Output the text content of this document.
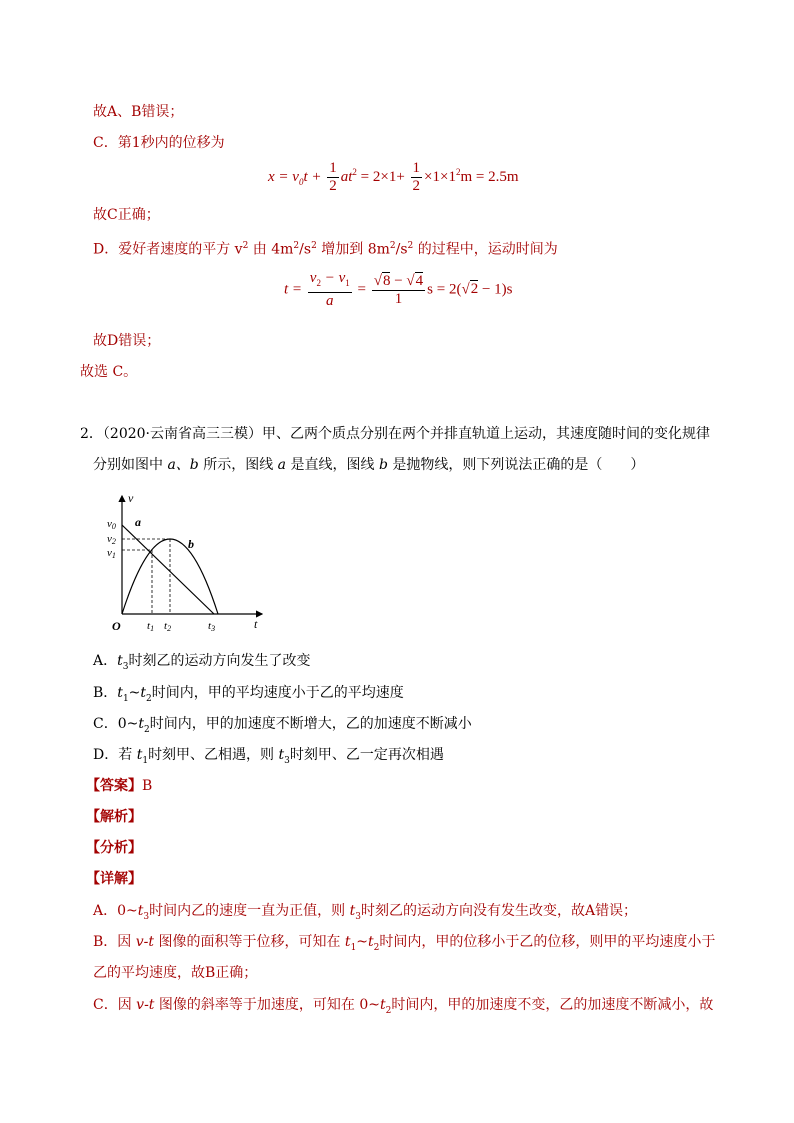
故A、B错误；
C．第1秒内的位移为
$x = v_0t + \frac{1}{2} at^2 = 2\times 1+ \frac{1}{2} \times 1\times 1^2m = 2.5m$
故C正确；
D．爱好者速度的平方 $v^2$ 由 $4m^2/s^2$ 增加到 $8m^2/s^2$ 的过程中，运动时间为
$t = \frac{v_2 - v_1}{a} = \frac{√8 - √4}{1}$ s = 2(√2 − 1)s
故D错误；
故选 C。
2．（2020·云南省高三三模）甲、乙两个质点分别在两个并排直轨道上运动，其速度随时间的变化规律
分别如图中 a、b 所示，图线 a 是直线，图线 b 是抛物线，则下列说法正确的是（　　）
v
t
O
v0
v2
v1
t1 t2	t3
a
b
A．$t_3$时刻乙的运动方向发生了改变
B．$t_1\sim t_2$时间内，甲的平均速度小于乙的平均速度
C．$0\sim t_2$时间内，甲的加速度不断增大，乙的加速度不断减小
D．若 $t_1$时刻甲、乙相遇，则 $t_3$时刻甲、乙一定再次相遇
【答案】B
【解析】
【分析】
【详解】
A．$0\sim t_3$时间内乙的速度一直为正值，则 $t_3$时刻乙的运动方向没有发生改变，故A错误；
B．因 v-t 图像的面积等于位移，可知在 $t_1\sim t_2$时间内，甲的位移小于乙的位移，则甲的平均速度小于
乙的平均速度，故B正确；
C．因 v-t 图像的斜率等于加速度，可知在 $0\sim t_2$时间内，甲的加速度不变，乙的加速度不断减小，故
